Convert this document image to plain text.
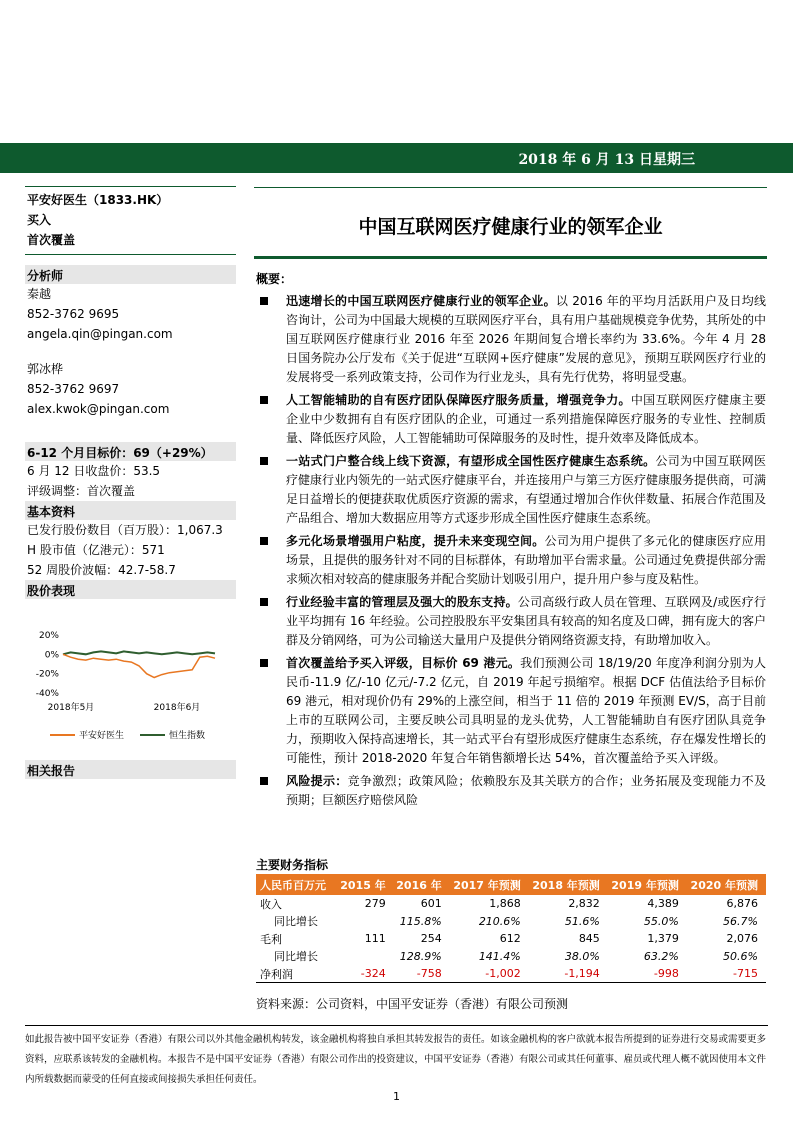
2018 年 6 月 13 日星期三
平安好医生（1833.HK）
买入
首次覆盖
分析师
秦越
852-3762 9695
angela.qin@pingan.com
郭冰桦
852-3762 9697
alex.kwok@pingan.com
6-12 个月目标价：69（+29%）
6 月 12 日收盘价：53.5
评级调整：首次覆盖
基本资料
已发行股份数目（百万股）：1,067.3
H 股市值（亿港元）：571
52 周股价波幅：42.7-58.7
股价表现
20%
0%
-20%
-40%
2018年5月	2018年6月
平安好医生	恒生指数
相关报告
中国互联网医疗健康行业的领军企业
概要：
迅速增长的中国互联网医疗健康行业的领军企业。以 2016 年的平均月活跃用户及日均线咨询计，公司为中国最大规模的互联网医疗平台，具有用户基础规模竞争优势，其所处的中国互联网医疗健康行业 2016 年至 2026 年期间复合增长率约为 33.6%。今年 4 月 28 日国务院办公厅发布《关于促进“互联网+医疗健康”发展的意见》，预期互联网医疗行业的发展将受一系列政策支持，公司作为行业龙头，具有先行优势，将明显受惠。
人工智能辅助的自有医疗团队保障医疗服务质量，增强竞争力。中国互联网医疗健康主要企业中少数拥有自有医疗团队的企业，可通过一系列措施保障医疗服务的专业性、控制质量、降低医疗风险，人工智能辅助可保障服务的及时性，提升效率及降低成本。
一站式门户整合线上线下资源，有望形成全国性医疗健康生态系统。公司为中国互联网医疗健康行业内领先的一站式医疗健康平台，并连接用户与第三方医疗健康服务提供商，可满足日益增长的便捷获取优质医疗资源的需求，有望通过增加合作伙伴数量、拓展合作范围及产品组合、增加大数据应用等方式逐步形成全国性医疗健康生态系统。
多元化场景增强用户粘度，提升未来变现空间。公司为用户提供了多元化的健康医疗应用场景，且提供的服务针对不同的目标群体，有助增加平台需求量。公司通过免费提供部分需求频次相对较高的健康服务并配合奖励计划吸引用户，提升用户参与度及粘性。
行业经验丰富的管理层及强大的股东支持。公司高级行政人员在管理、互联网及/或医疗行业平均拥有 16 年经验。公司控股股东平安集团具有较高的知名度及口碑，拥有庞大的客户群及分销网络，可为公司输送大量用户及提供分销网络资源支持，有助增加收入。
首次覆盖给予买入评级，目标价 69 港元。我们预测公司 18/19/20 年度净利润分别为人民币-11.9 亿/-10 亿元/-7.2 亿元，自 2019 年起亏损缩窄。根据 DCF 估值法给予目标价 69 港元，相对现价仍有 29%的上涨空间，相当于 11 倍的 2019 年预测 EV/S，高于目前上市的互联网公司，主要反映公司具明显的龙头优势，人工智能辅助自有医疗团队具竞争力，预期收入保持高速增长，其一站式平台有望形成医疗健康生态系统，存在爆发性增长的可能性，预计 2018-2020 年复合年销售额增长达 54%，首次覆盖给予买入评级。
风险提示：竞争激烈；政策风险；依赖股东及其关联方的合作；业务拓展及变现能力不及预期；巨额医疗赔偿风险
主要财务指标
人民币百万元	2015 年	2016 年	2017 年预测	2018 年预测	2019 年预测	2020 年预测
收入	279	601	1,868	2,832	4,389	6,876
同比增长		115.8%	210.6%	51.6%	55.0%	56.7%
毛利	111	254	612	845	1,379	2,076
同比增长		128.9%	141.4%	38.0%	63.2%	50.6%
净利润	-324	-758	-1,002	-1,194	-998	-715
资料来源：公司资料，中国平安证券（香港）有限公司预测
如此报告被中国平安证券（香港）有限公司以外其他金融机构转发，该金融机构将独自承担其转发报告的责任。如该金融机构的客户欲就本报告所提到的证券进行交易或需要更多资料，应联系该转发的金融机构。本报告不是中国平安证券（香港）有限公司作出的投资建议，中国平安证券（香港）有限公司或其任何董事、雇员或代理人概不就因使用本文件内所载数据而蒙受的任何直接或间接损失承担任何责任。
1
